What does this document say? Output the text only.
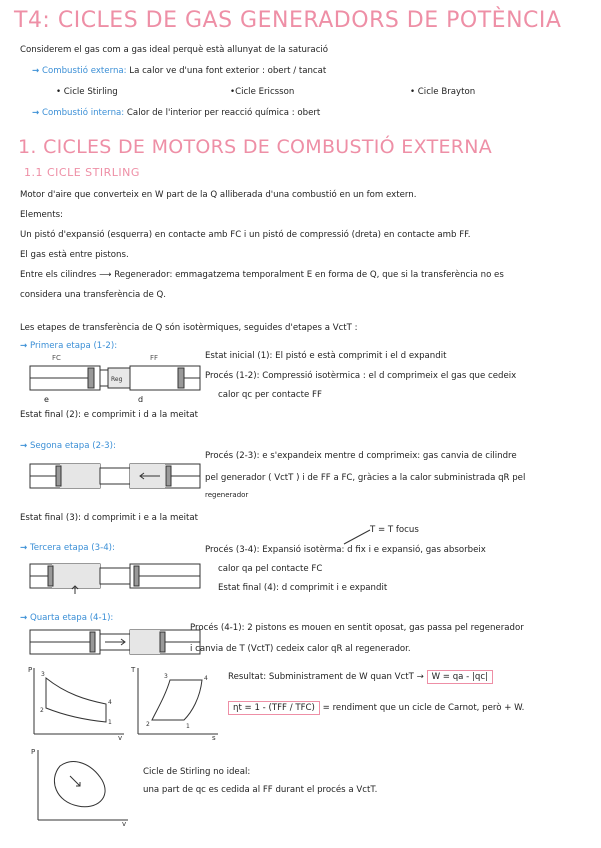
T4: CICLES DE GAS GENERADORS DE POTÈNCIA
Considerem el gas com a gas ideal perquè està allunyat de la saturació
→ Combustió externa: La calor ve d'una font exterior : obert / tancat
• Cicle Stirling	•Cicle Ericsson	• Cicle Brayton
→ Combustió interna: Calor de l'interior per reacció química : obert
1. CICLES DE MOTORS DE COMBUSTIÓ EXTERNA
1.1 CICLE STIRLING
Motor d'aire que converteix en W part de la Q alliberada d'una combustió en un fom extern.
Elements:
Un pistó d'expansió (esquerra) en contacte amb FC i un pistó de compressió (dreta) en contacte amb FF.
El gas està entre pistons.
Entre els cilindres ⟶ Regenerador: emmagatzema temporalment E en forma de Q, que si la transferència no es
considera una transferència de Q.
Les etapes de transferència de Q són isotèrmiques, seguides d'etapes a VctT :
→ Primera etapa (1-2):
FC	FF
Reg
e	d
Estat inicial (1): El pistó e està comprimit i el d expandit
Procés (1-2): Compressió isotèrmica : el d comprimeix el gas que cedeix
calor qc per contacte FF
Estat final (2): e comprimit i d a la meitat
→ Segona etapa (2-3):
Procés (2-3): e s'expandeix mentre d comprimeix: gas canvia de cilindre
pel generador ( VctT ) i de FF a FC, gràcies a la calor subministrada qR pel
regenerador
Estat final (3): d comprimit i e a la meitat
T = T focus
→ Tercera etapa (3-4):	Procés (3-4): Expansió isotèrma: d fix i e expansió, gas absorbeix
calor qa pel contacte FC
Estat final (4): d comprimit i e expandit
→ Quarta etapa (4-1):
Procés (4-1): 2 pistons es mouen en sentit oposat, gas passa pel regenerador
i canvia de T (VctT) cedeix calor qR al regenerador.
P
v
3
4
1
2
T
s
3	4
1
2
Resultat: Subministrament de W quan VctT → W = qa - |qc|
ηt = 1 - (TFF / TFC) = rendiment que un cicle de Carnot, però + W.
P
v
Cicle de Stirling no ideal:
una part de qc es cedida al FF durant el procés a VctT.
